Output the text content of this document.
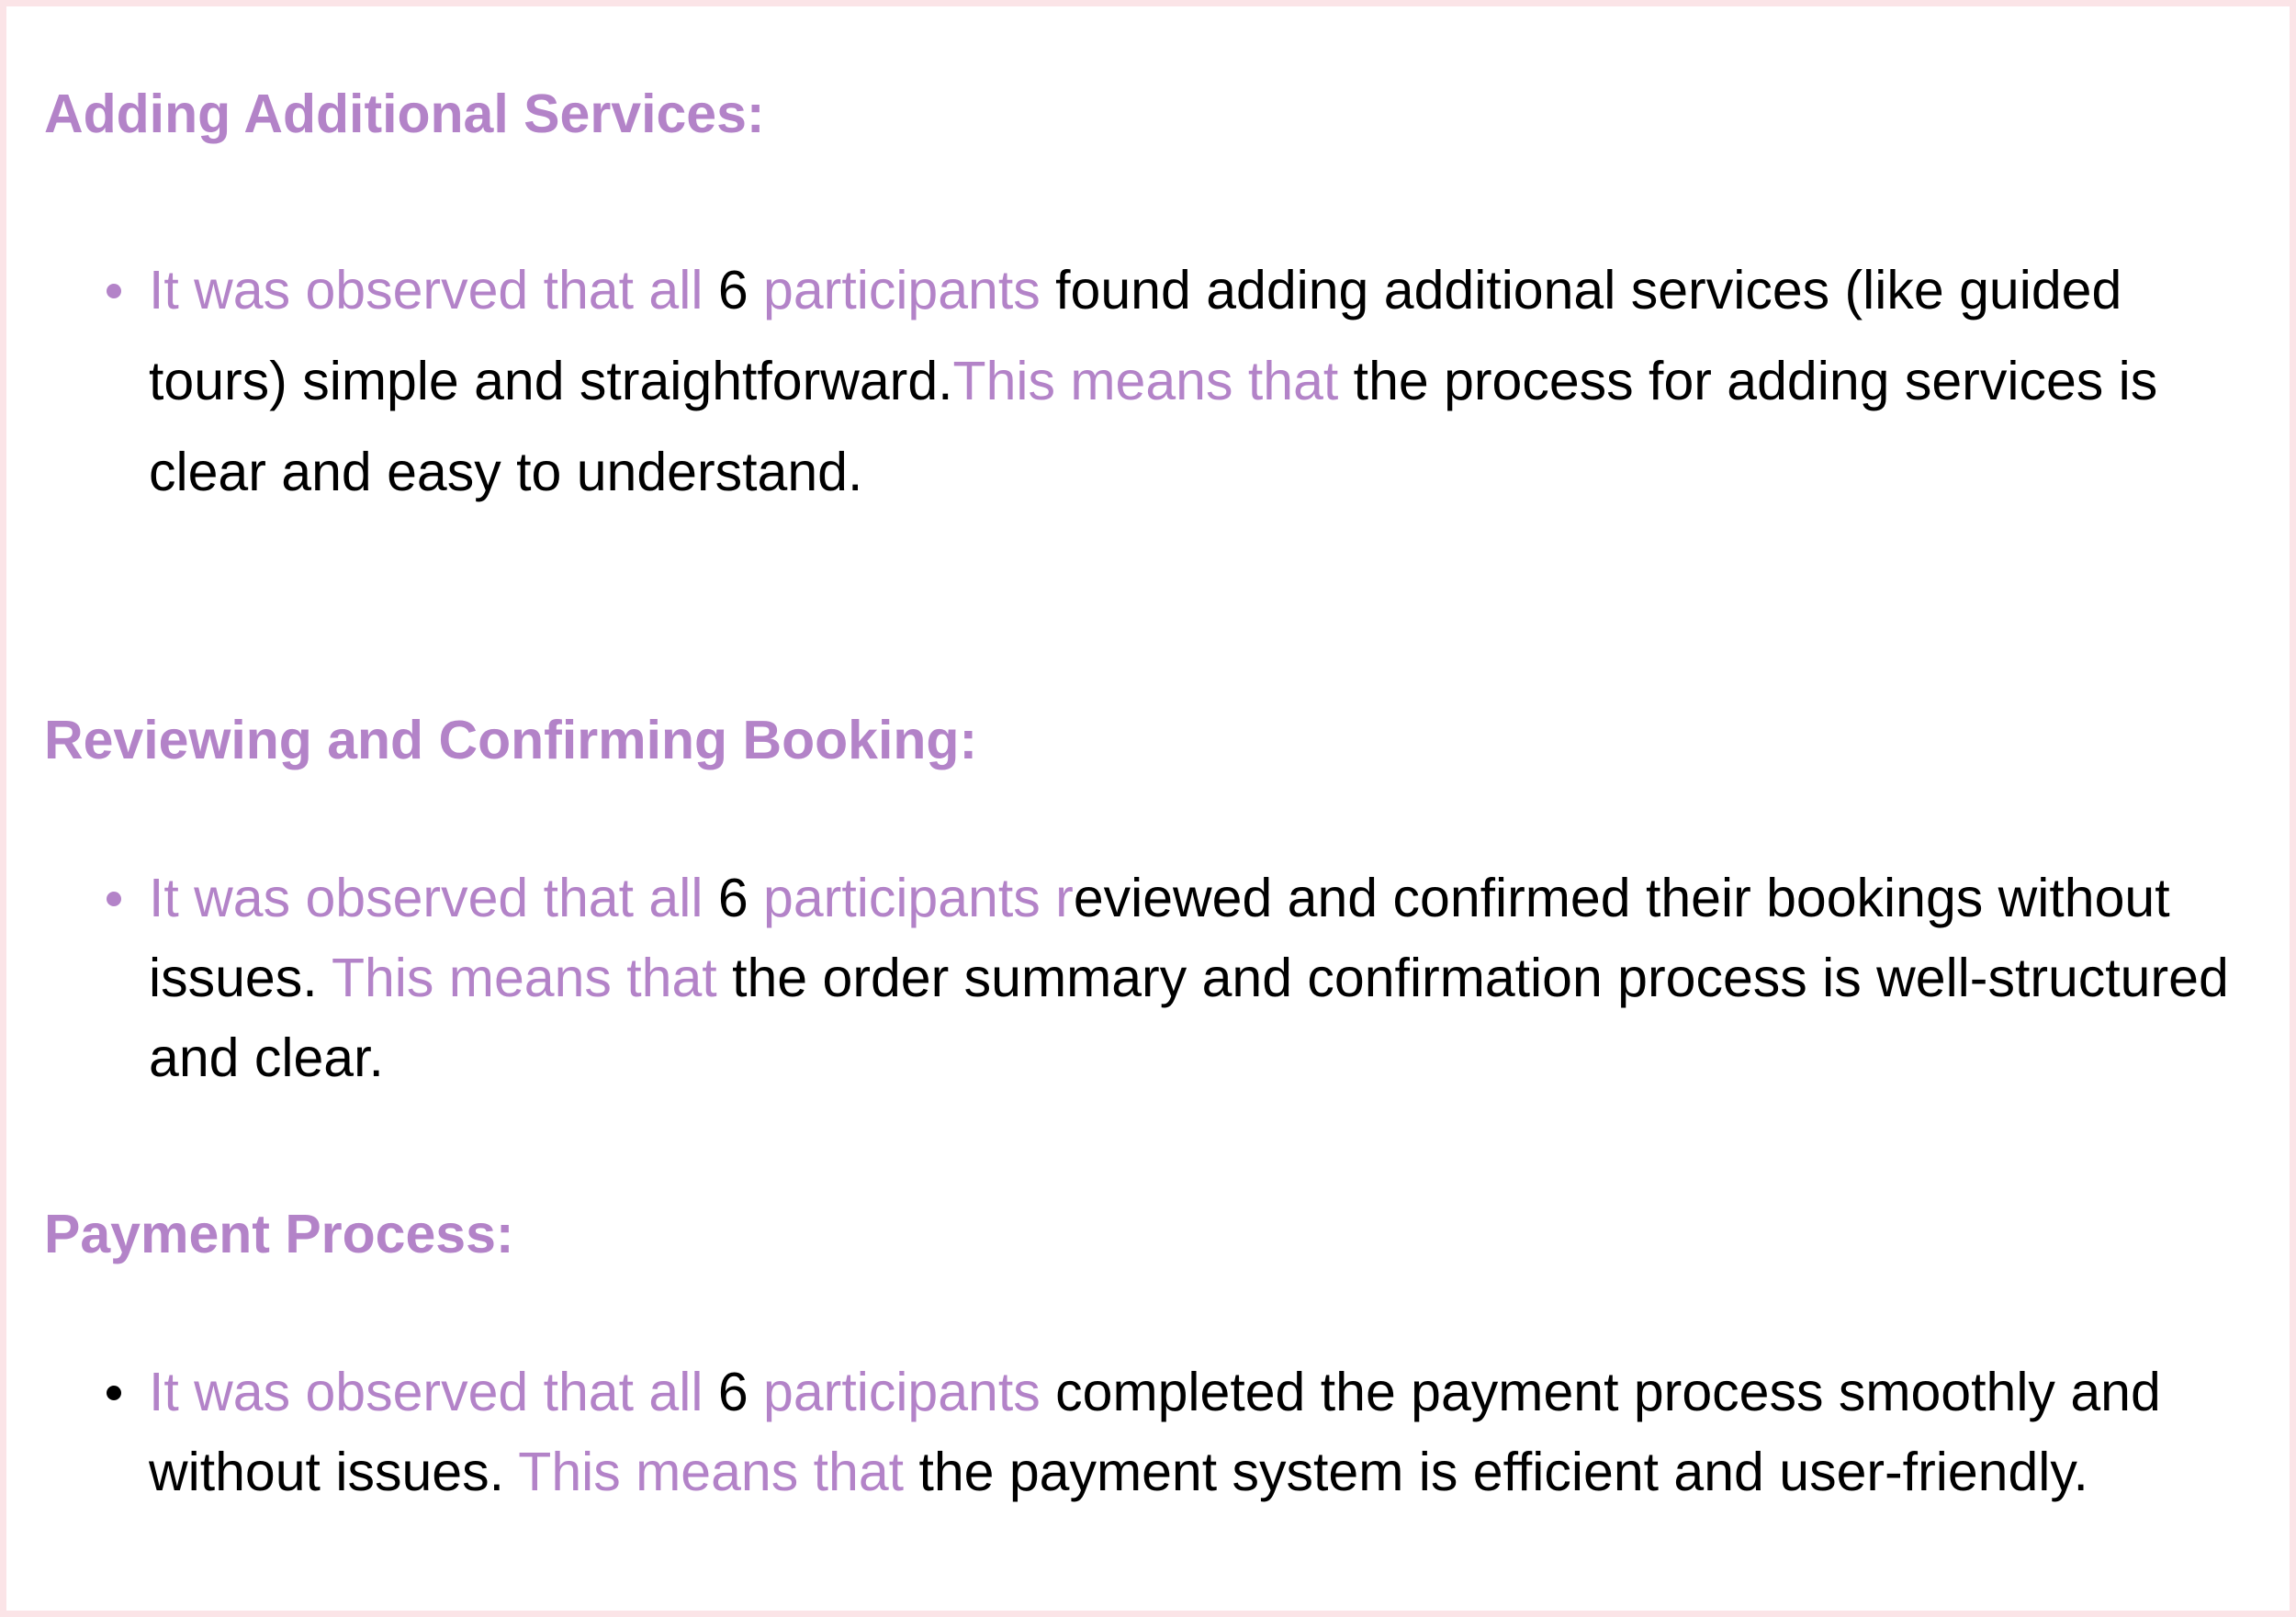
Adding Additional Services:
It was observed that all 6 participants found adding additional services (like guided tours) simple and straightforward.This means that the process for adding services is clear and easy to understand.
Reviewing and Confirming Booking:
It was observed that all 6 participants reviewed and confirmed their bookings without issues. This means that the order summary and confirmation process is well-structured and clear.
Payment Process:
It was observed that all 6 participants completed the payment process smoothly and without issues. This means that the payment system is efficient and user-friendly.
